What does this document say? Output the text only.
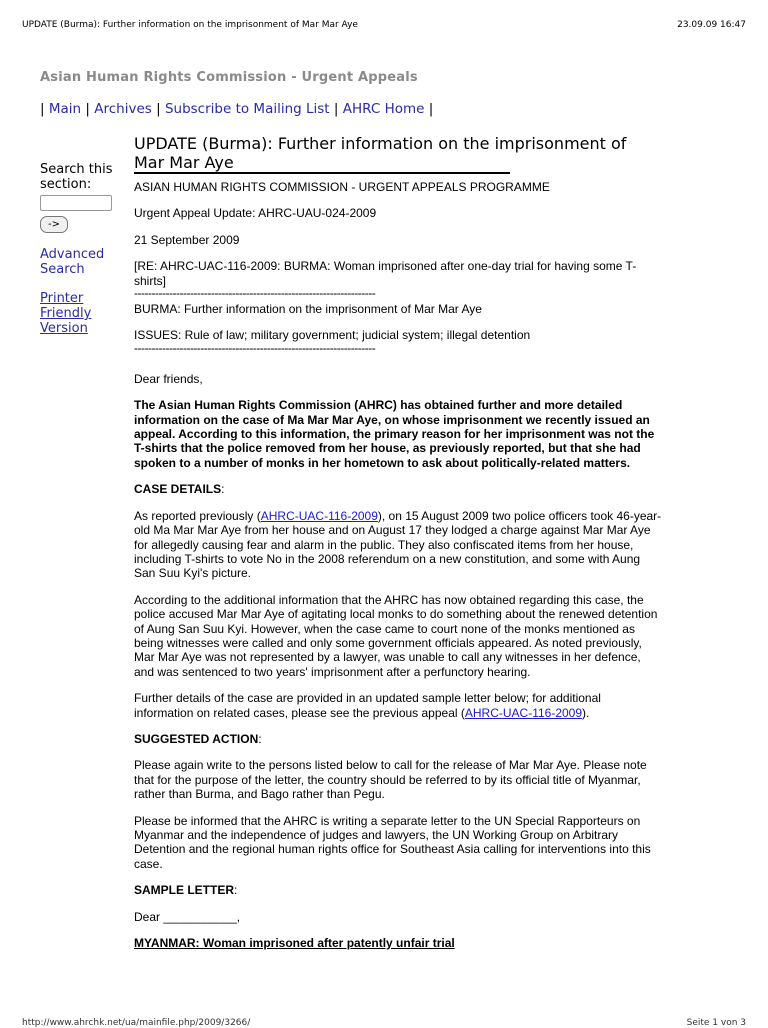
UPDATE (Burma): Further information on the imprisonment of Mar Mar Aye	23.09.09 16:47
Asian Human Rights Commission - Urgent Appeals
| Main | Archives | Subscribe to Mailing List | AHRC Home |
Search this section:
->
Advanced Search
Printer Friendly Version
UPDATE (Burma): Further information on the imprisonment of Mar Mar Aye

ASIAN HUMAN RIGHTS COMMISSION - URGENT APPEALS PROGRAMME

Urgent Appeal Update: AHRC-UAU-024-2009

21 September 2009

[RE: AHRC-UAC-116-2009: BURMA: Woman imprisoned after one-day trial for having some T-shirts]

---------------------------------------------------------------------

BURMA: Further information on the imprisonment of Mar Mar Aye

ISSUES: Rule of law; military government; judicial system; illegal detention

---------------------------------------------------------------------

Dear friends,

The Asian Human Rights Commission (AHRC) has obtained further and more detailed information on the case of Ma Mar Mar Aye, on whose imprisonment we recently issued an appeal. According to this information, the primary reason for her imprisonment was not the T-shirts that the police removed from her house, as previously reported, but that she had spoken to a number of monks in her hometown to ask about politically-related matters.

CASE DETAILS:

As reported previously (AHRC-UAC-116-2009), on 15 August 2009 two police officers took 46-year-old Ma Mar Mar Aye from her house and on August 17 they lodged a charge against Mar Mar Aye for allegedly causing fear and alarm in the public. They also confiscated items from her house, including T-shirts to vote No in the 2008 referendum on a new constitution, and some with Aung San Suu Kyi's picture.

According to the additional information that the AHRC has now obtained regarding this case, the police accused Mar Mar Aye of agitating local monks to do something about the renewed detention of Aung San Suu Kyi. However, when the case came to court none of the monks mentioned as being witnesses were called and only some government officials appeared. As noted previously, Mar Mar Aye was not represented by a lawyer, was unable to call any witnesses in her defence, and was sentenced to two years' imprisonment after a perfunctory hearing.

Further details of the case are provided in an updated sample letter below; for additional information on related cases, please see the previous appeal (AHRC-UAC-116-2009).

SUGGESTED ACTION:

Please again write to the persons listed below to call for the release of Mar Mar Aye. Please note that for the purpose of the letter, the country should be referred to by its official title of Myanmar, rather than Burma, and Bago rather than Pegu.

Please be informed that the AHRC is writing a separate letter to the UN Special Rapporteurs on Myanmar and the independence of judges and lawyers, the UN Working Group on Arbitrary Detention and the regional human rights office for Southeast Asia calling for interventions into this case.

SAMPLE LETTER:

Dear ___________,

MYANMAR: Woman imprisoned after patently unfair trial

http://www.ahrchk.net/ua/mainfile.php/2009/3266/	Seite 1 von 3
